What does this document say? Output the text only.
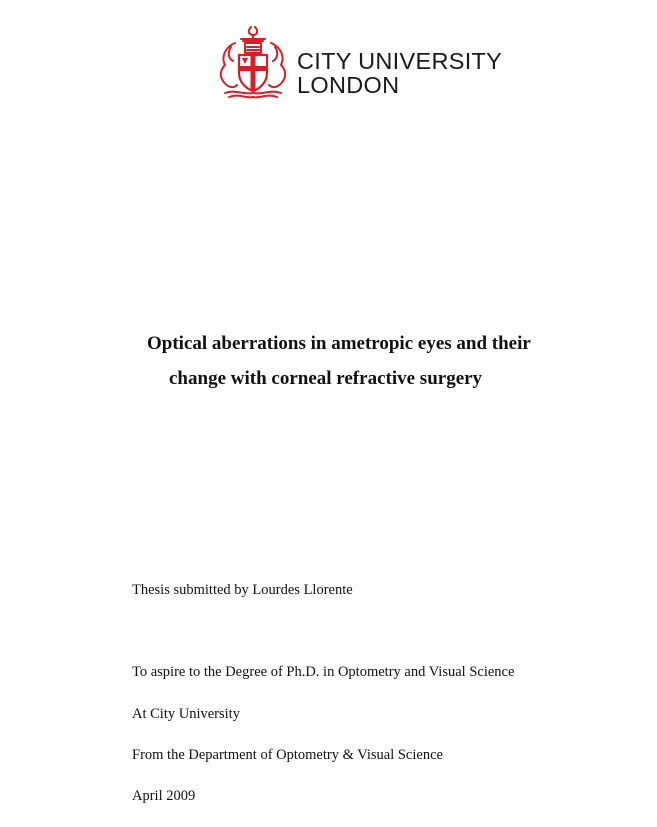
CITY UNIVERSITY
LONDON
Optical aberrations in ametropic eyes and their
change with corneal refractive surgery
Thesis submitted by Lourdes Llorente
To aspire to the Degree of Ph.D. in Optometry and Visual Science
At City University
From the Department of Optometry & Visual Science
April 2009
